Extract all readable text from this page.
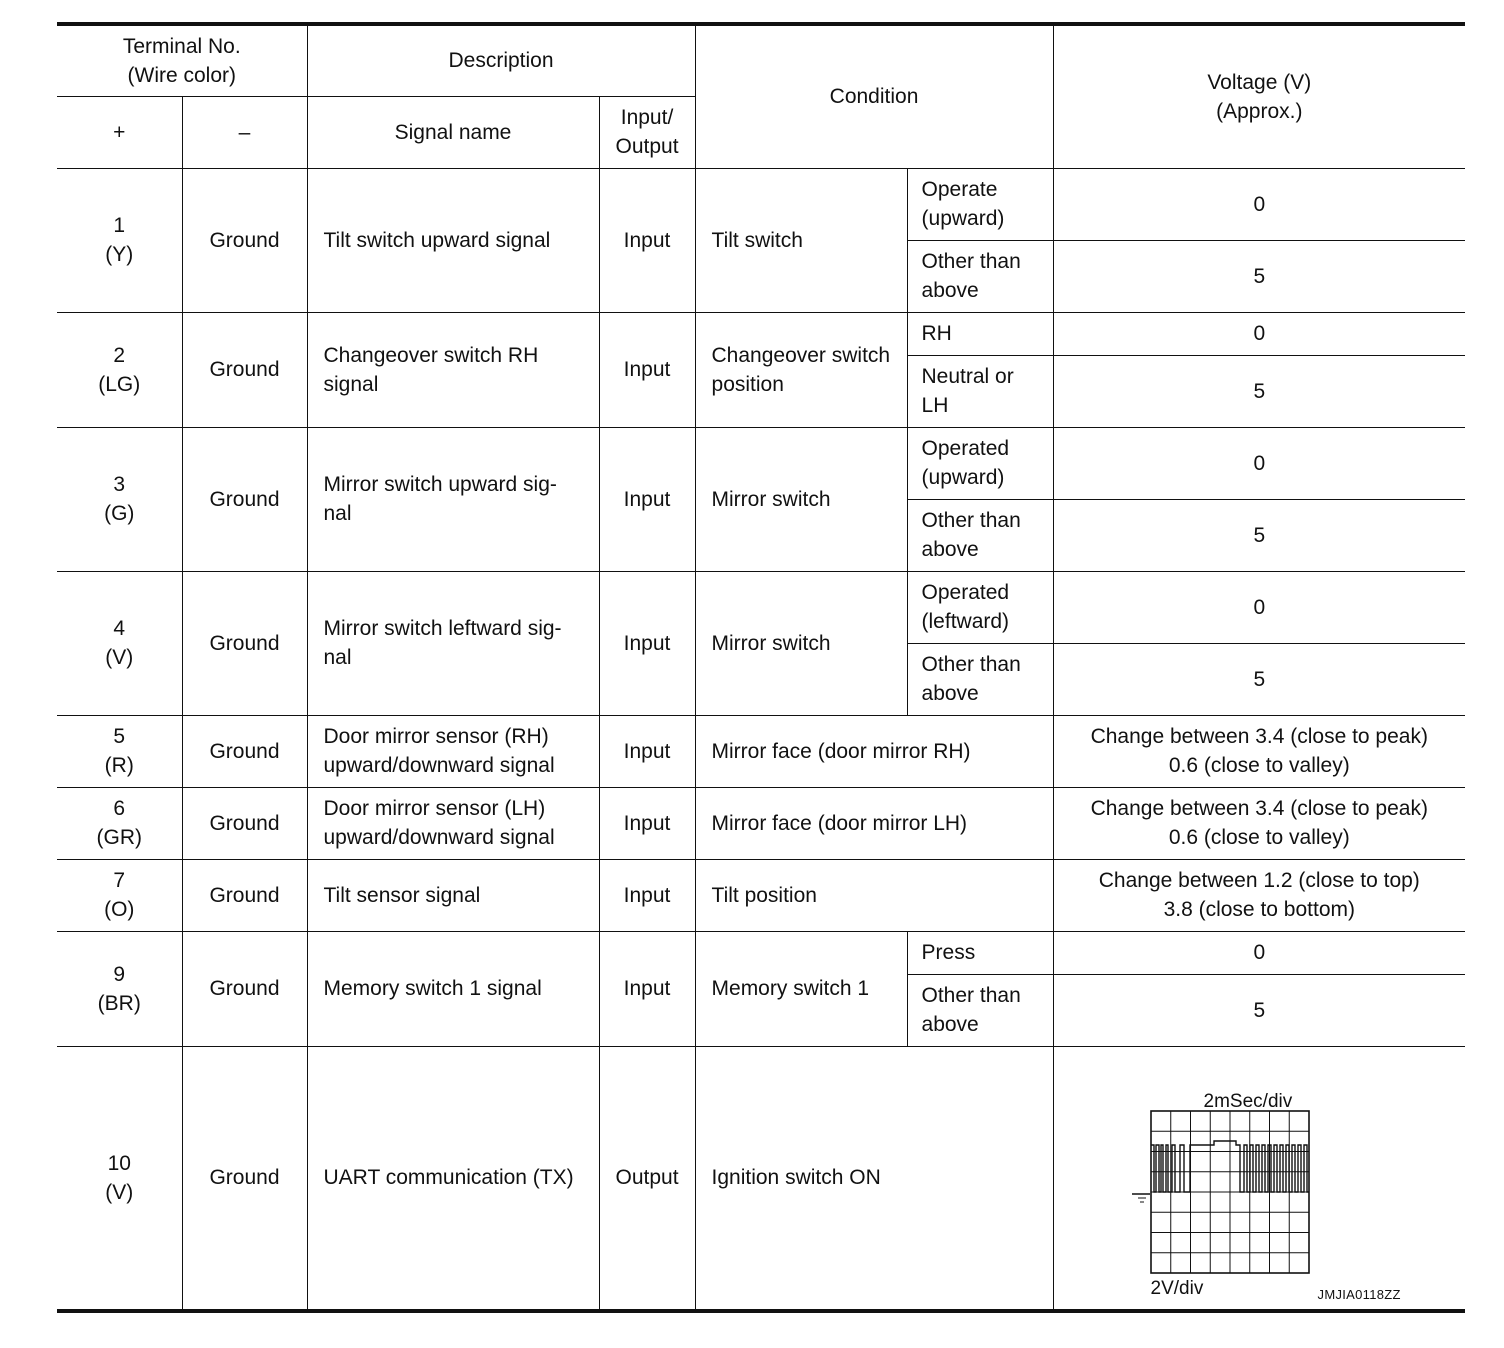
Terminal No.
(Wire color)		Description		Condition		Voltage (V)
(Approx.)

+	–	Signal name	Input/
Output			

1
(Y)	Ground	Tilt switch upward signal	Input	Tilt switch	Operate (upward)	0
					Other than above	5

2
(LG)	Ground	Changeover switch RH signal	Input	Changeover switch position	RH	0
					Neutral or LH	5

3
(G)	Ground	Mirror switch upward sig-nal	Input	Mirror switch	Operated (upward)	0
					Other than above	5

4
(V)	Ground	Mirror switch leftward sig-nal	Input	Mirror switch	Operated (leftward)	0
					Other than above	5

5
(R)	Ground	Door mirror sensor (RH)
upward/downward signal	Input	Mirror face (door mirror RH)		Change between 3.4 (close to peak)
0.6 (close to valley)

6
(GR)	Ground	Door mirror sensor (LH)
upward/downward signal	Input	Mirror face (door mirror LH)		Change between 3.4 (close to peak)
0.6 (close to valley)

7
(O)	Ground	Tilt sensor signal	Input	Tilt position		Change between 1.2 (close to top)
3.8 (close to bottom)

9
(BR)	Ground	Memory switch 1 signal	Input	Memory switch 1	Press	0
					Other than above	5

10
(V)	Ground	UART communication (TX)	Output	Ignition switch ON		2mSec/div
2V/div JMJIA0118ZZ
